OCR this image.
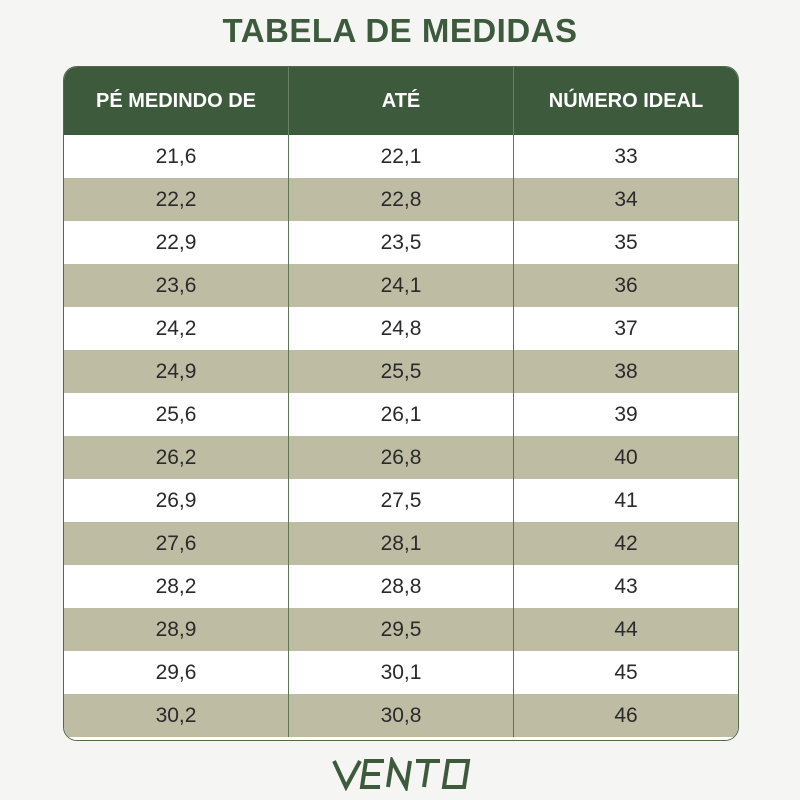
TABELA DE MEDIDAS
PÉ MEDINDO DE	ATÉ	NÚMERO IDEAL
21,6	22,1	33
22,2	22,8	34
22,9	23,5	35
23,6	24,1	36
24,2	24,8	37
24,9	25,5	38
25,6	26,1	39
26,2	26,8	40
26,9	27,5	41
27,6	28,1	42
28,2	28,8	43
28,9	29,5	44
29,6	30,1	45
30,2	30,8	46
